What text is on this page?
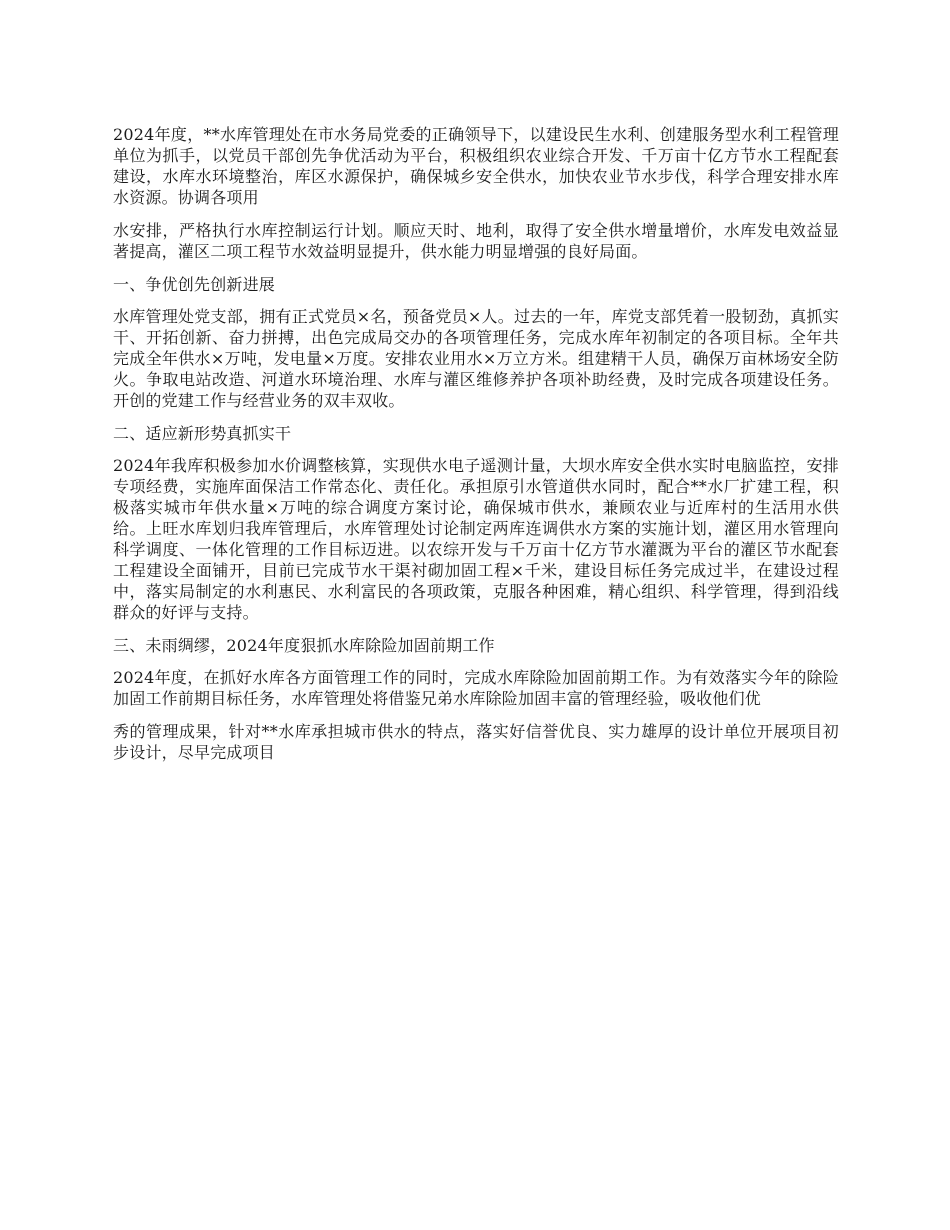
2024年度，**水库管理处在市水务局党委的正确领导下，以建设民生水利、创建服务型水利工程管理单位为抓手，以党员干部创先争优活动为平台，积极组织农业综合开发、千万亩十亿方节水工程配套建设，水库水环境整治，库区水源保护，确保城乡安全供水，加快农业节水步伐，科学合理安排水库水资源。协调各项用

水安排，严格执行水库控制运行计划。顺应天时、地利，取得了安全供水增量增价，水库发电效益显著提高，灌区二项工程节水效益明显提升，供水能力明显增强的良好局面。

一、争优创先创新进展

水库管理处党支部，拥有正式党员×名，预备党员×人。过去的一年，库党支部凭着一股韧劲，真抓实干、开拓创新、奋力拼搏，出色完成局交办的各项管理任务，完成水库年初制定的各项目标。全年共完成全年供水×万吨，发电量×万度。安排农业用水×万立方米。组建精干人员，确保万亩林场安全防火。争取电站改造、河道水环境治理、水库与灌区维修养护各项补助经费，及时完成各项建设任务。开创的党建工作与经营业务的双丰双收。

二、适应新形势真抓实干

2024年我库积极参加水价调整核算，实现供水电子遥测计量，大坝水库安全供水实时电脑监控，安排专项经费，实施库面保洁工作常态化、责任化。承担原引水管道供水同时，配合**水厂扩建工程，积极落实城市年供水量×万吨的综合调度方案讨论，确保城市供水，兼顾农业与近库村的生活用水供给。上旺水库划归我库管理后，水库管理处讨论制定两库连调供水方案的实施计划，灌区用水管理向科学调度、一体化管理的工作目标迈进。以农综开发与千万亩十亿方节水灌溉为平台的灌区节水配套工程建设全面铺开，目前已完成节水干渠衬砌加固工程×千米，建设目标任务完成过半，在建设过程中，落实局制定的水利惠民、水利富民的各项政策，克服各种困难，精心组织、科学管理，得到沿线群众的好评与支持。

三、未雨绸缪，2024年度狠抓水库除险加固前期工作

2024年度，在抓好水库各方面管理工作的同时，完成水库除险加固前期工作。为有效落实今年的除险加固工作前期目标任务，水库管理处将借鉴兄弟水库除险加固丰富的管理经验，吸收他们优

秀的管理成果，针对**水库承担城市供水的特点，落实好信誉优良、实力雄厚的设计单位开展项目初步设计，尽早完成项目
